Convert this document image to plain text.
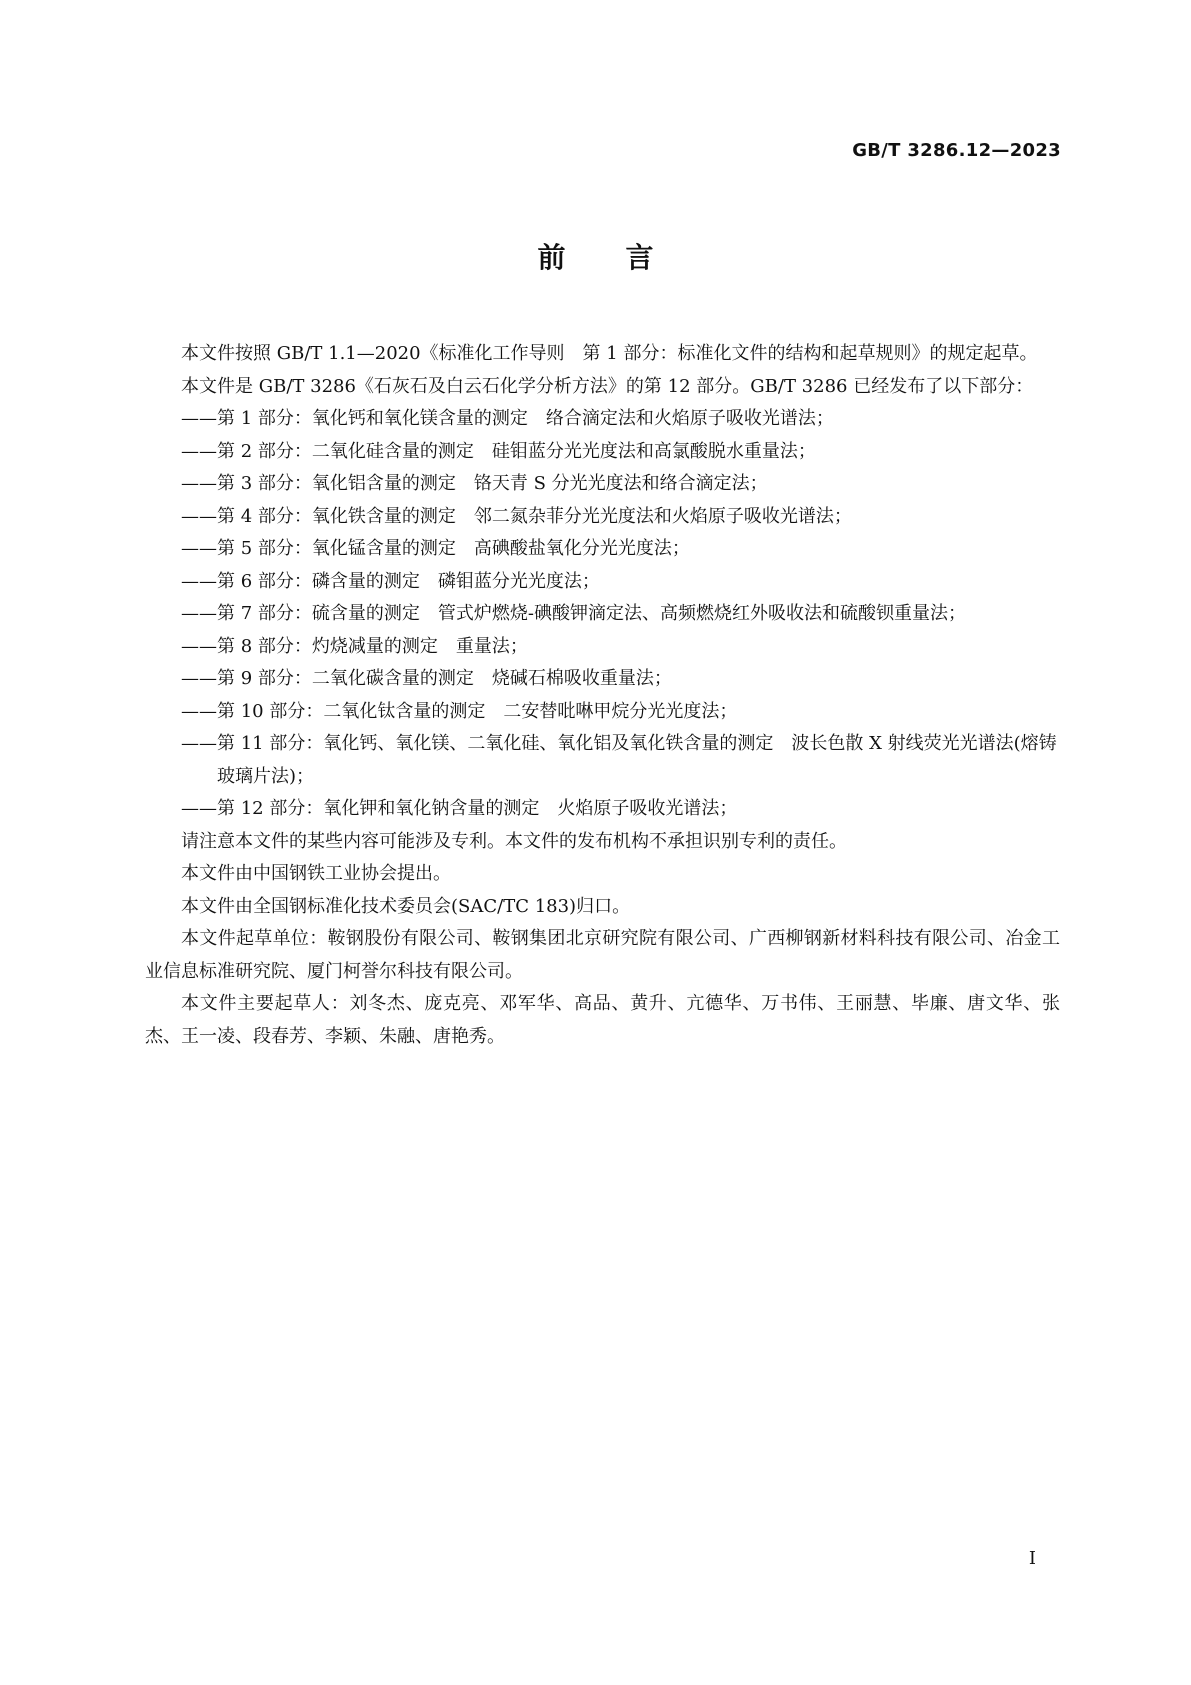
GB/T 3286.12—2023
前言

本文件按照 GB/T 1.1—2020《标准化工作导则　第 1 部分：标准化文件的结构和起草规则》的规定起草。

本文件是 GB/T 3286《石灰石及白云石化学分析方法》的第 12 部分。GB/T 3286 已经发布了以下部分：

—— 第 1 部分：氧化钙和氧化镁含量的测定　络合滴定法和火焰原子吸收光谱法；
—— 第 2 部分：二氧化硅含量的测定　硅钼蓝分光光度法和高氯酸脱水重量法；
—— 第 3 部分：氧化铝含量的测定　铬天青 S 分光光度法和络合滴定法；
—— 第 4 部分：氧化铁含量的测定　邻二氮杂菲分光光度法和火焰原子吸收光谱法；
—— 第 5 部分：氧化锰含量的测定　高碘酸盐氧化分光光度法；
—— 第 6 部分：磷含量的测定　磷钼蓝分光光度法；
—— 第 7 部分：硫含量的测定　管式炉燃烧-碘酸钾滴定法、高频燃烧红外吸收法和硫酸钡重量法；
—— 第 8 部分：灼烧减量的测定　重量法；
—— 第 9 部分：二氧化碳含量的测定　烧碱石棉吸收重量法；
—— 第 10 部分：二氧化钛含量的测定　二安替吡啉甲烷分光光度法；
—— 第 11 部分：氧化钙、氧化镁、二氧化硅、氧化铝及氧化铁含量的测定　波长色散 X 射线荧光光谱法(熔铸玻璃片法)；
—— 第 12 部分：氧化钾和氧化钠含量的测定　火焰原子吸收光谱法；

请注意本文件的某些内容可能涉及专利。本文件的发布机构不承担识别专利的责任。

本文件由中国钢铁工业协会提出。

本文件由全国钢标准化技术委员会(SAC/TC 183)归口。

本文件起草单位：鞍钢股份有限公司、鞍钢集团北京研究院有限公司、广西柳钢新材料科技有限公司、冶金工业信息标准研究院、厦门柯誉尔科技有限公司。

本文件主要起草人：刘冬杰、庞克亮、邓军华、高品、黄升、亢德华、万书伟、王丽慧、毕廉、唐文华、张杰、王一凌、段春芳、李颖、朱融、唐艳秀。

Ⅰ
